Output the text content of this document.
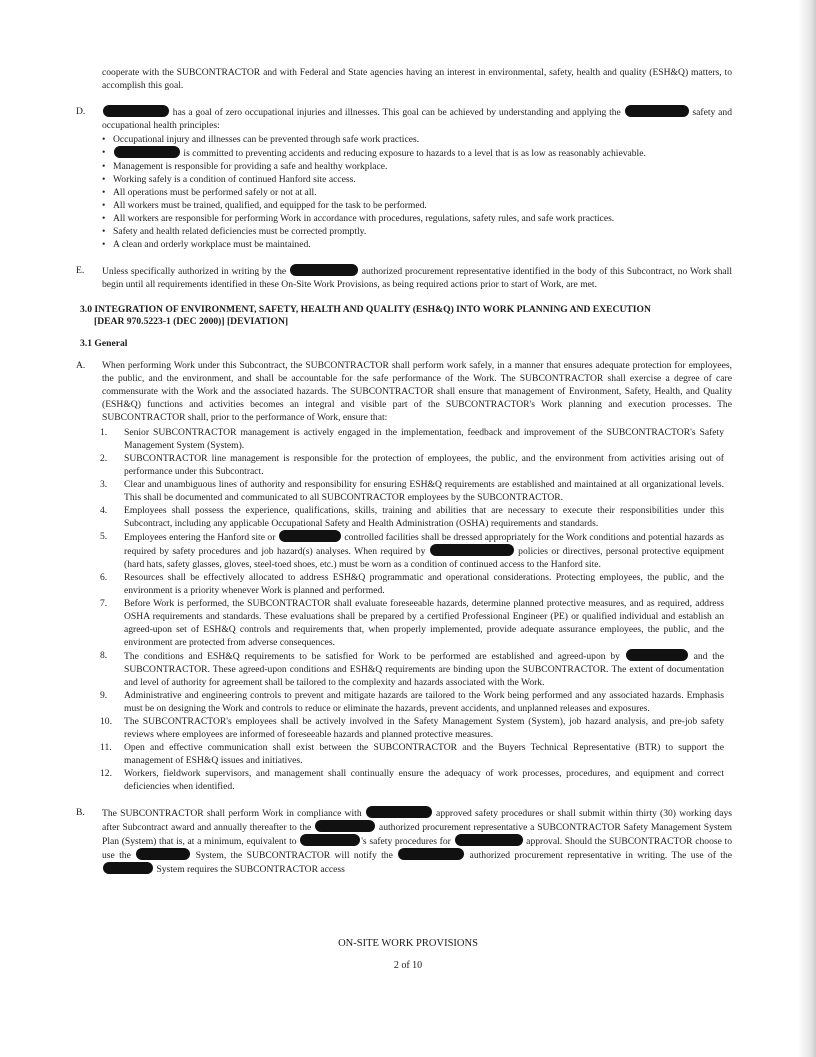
cooperate with the SUBCONTRACTOR and with Federal and State agencies having an interest in environmental, safety, health and quality (ESH&Q) matters, to accomplish this goal.

D.	has a goal of zero occupational injuries and illnesses. This goal can be achieved by understanding and applying the	safety and occupational health principles:

• Occupational injury and illnesses can be prevented through safe work practices.
• is committed to preventing accidents and reducing exposure to hazards to a level that is as low as reasonably achievable.
• Management is responsible for providing a safe and healthy workplace.
• Working safely is a condition of continued Hanford site access.
• All operations must be performed safely or not at all.
• All workers must be trained, qualified, and equipped for the task to be performed.
• All workers are responsible for performing Work in accordance with procedures, regulations, safety rules, and safe work practices.
• Safety and health related deficiencies must be corrected promptly.
• A clean and orderly workplace must be maintained.
E. Unless specifically authorized in writing by the	authorized procurement representative identified in the body of this Subcontract, no Work shall begin until all requirements identified in these On-Site Work Provisions, as being required actions prior to start of Work, are met.

3.0 INTEGRATION OF ENVIRONMENT, SAFETY, HEALTH AND QUALITY (ESH&Q) INTO WORK PLANNING AND EXECUTION
[DEAR 970.5223-1 (DEC 2000)] [DEVIATION]

3.1 General

A. When performing Work under this Subcontract, the SUBCONTRACTOR shall perform work safely, in a manner that ensures adequate protection for employees, the public, and the environment, and shall be accountable for the safe performance of the Work. The SUBCONTRACTOR shall exercise a degree of care commensurate with the Work and the associated hazards. The SUBCONTRACTOR shall ensure that management of Environment, Safety, Health, and Quality (ESH&Q) functions and activities becomes an integral and visible part of the SUBCONTRACTOR's Work planning and execution processes. The SUBCONTRACTOR shall, prior to the performance of Work, ensure that:

1.	Senior SUBCONTRACTOR management is actively engaged in the implementation, feedback and improvement of the SUBCONTRACTOR's Safety Management System (System).
2.	SUBCONTRACTOR line management is responsible for the protection of employees, the public, and the environment from activities arising out of performance under this Subcontract.
3.	Clear and unambiguous lines of authority and responsibility for ensuring ESH&Q requirements are established and maintained at all organizational levels. This shall be documented and communicated to all SUBCONTRACTOR employees by the SUBCONTRACTOR.
4.	Employees shall possess the experience, qualifications, skills, training and abilities that are necessary to execute their responsibilities under this Subcontract, including any applicable Occupational Safety and Health Administration (OSHA) requirements and standards.
5.	Employees entering the Hanford site or	controlled facilities shall be dressed appropriately for the Work conditions and potential hazards as required by safety procedures and job hazard(s) analyses. When required by	policies or directives, personal protective equipment (hard hats, safety glasses, gloves, steel-toed shoes, etc.) must be worn as a condition of continued access to the Hanford site.
6.	Resources shall be effectively allocated to address ESH&Q programmatic and operational considerations. Protecting employees, the public, and the environment is a priority whenever Work is planned and performed.
7.	Before Work is performed, the SUBCONTRACTOR shall evaluate foreseeable hazards, determine planned protective measures, and as required, address OSHA requirements and standards. These evaluations shall be prepared by a certified Professional Engineer (PE) or qualified individual and establish an agreed-upon set of ESH&Q controls and requirements that, when properly implemented, provide adequate assurance employees, the public, and the environment are protected from adverse consequences.
8.	The conditions and ESH&Q requirements to be satisfied for Work to be performed are established and agreed-upon by	and the SUBCONTRACTOR. These agreed-upon conditions and ESH&Q requirements are binding upon the SUBCONTRACTOR. The extent of documentation and level of authority for agreement shall be tailored to the complexity and hazards associated with the Work.
9.	Administrative and engineering controls to prevent and mitigate hazards are tailored to the Work being performed and any associated hazards. Emphasis must be on designing the Work and controls to reduce or eliminate the hazards, prevent accidents, and unplanned releases and exposures.
10.	The SUBCONTRACTOR's employees shall be actively involved in the Safety Management System (System), job hazard analysis, and pre-job safety reviews where employees are informed of foreseeable hazards and planned protective measures.
11.	Open and effective communication shall exist between the SUBCONTRACTOR and the Buyers Technical Representative (BTR) to support the management of ESH&Q issues and initiatives.
12.	Workers, fieldwork supervisors, and management shall continually ensure the adequacy of work processes, procedures, and equipment and correct deficiencies when identified.
B. The SUBCONTRACTOR shall perform Work in compliance with	approved safety procedures or shall submit within thirty (30) working days after Subcontract award and annually thereafter to the	authorized procurement representative a SUBCONTRACTOR Safety Management System Plan (System) that is, at a minimum, equivalent to	's safety procedures for	approval. Should the SUBCONTRACTOR choose to use the	System, the SUBCONTRACTOR will notify the	authorized procurement representative in writing. The use of the  System requires the SUBCONTRACTOR access

ON-SITE WORK PROVISIONS
2 of 10
